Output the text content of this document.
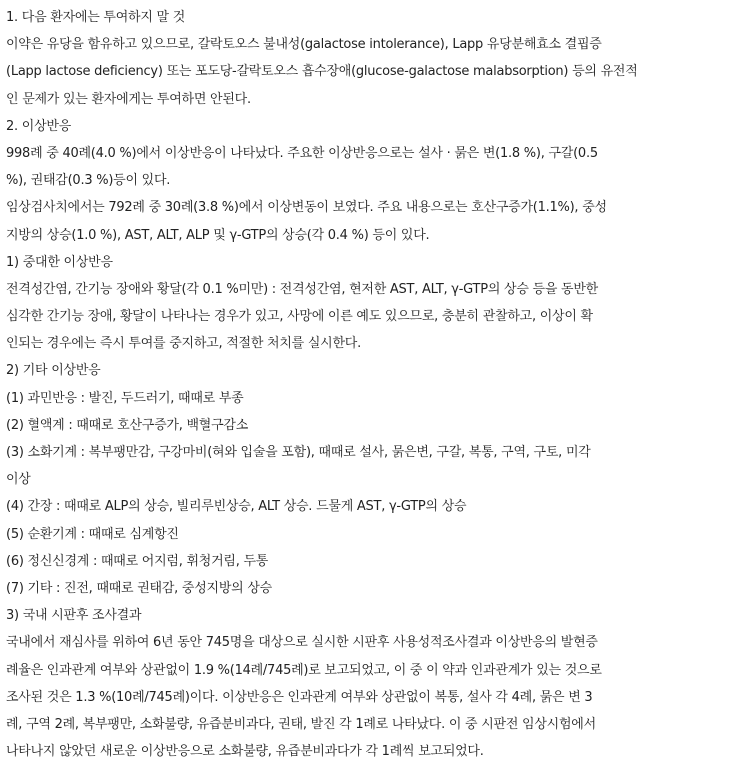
1. 다음 환자에는 투여하지 말 것
이약은 유당을 함유하고 있으므로, 갈락토오스 불내성(galactose intolerance), Lapp 유당분해효소 결핍증
(Lapp lactose deficiency) 또는 포도당-갈락토오스 흡수장애(glucose-galactose malabsorption) 등의 유전적
인 문제가 있는 환자에게는 투여하면 안된다.
2. 이상반응
998례 중 40례(4.0 %)에서 이상반응이 나타났다. 주요한 이상반응으로는 설사 · 묽은 변(1.8 %), 구갈(0.5
%), 권태감(0.3 %)등이 있다.
임상검사치에서는 792례 중 30례(3.8 %)에서 이상변동이 보였다. 주요 내용으로는 호산구증가(1.1%), 중성
지방의 상승(1.0 %), AST, ALT, ALP 및 γ-GTP의 상승(각 0.4 %) 등이 있다.
1) 중대한 이상반응
전격성간염, 간기능 장애와 황달(각 0.1 %미만) : 전격성간염, 현저한 AST, ALT, γ-GTP의 상승 등을 동반한
심각한 간기능 장애, 황달이 나타나는 경우가 있고, 사망에 이른 예도 있으므로, 충분히 관찰하고, 이상이 확
인되는 경우에는 즉시 투여를 중지하고, 적절한 처치를 실시한다.
2) 기타 이상반응
(1) 과민반응 : 발진, 두드러기, 때때로 부종
(2) 혈액계 : 때때로 호산구증가, 백혈구감소
(3) 소화기계 : 복부팽만감, 구강마비(혀와 입술을 포함), 때때로 설사, 묽은변, 구갈, 복통, 구역, 구토, 미각
이상
(4) 간장 : 때때로 ALP의 상승, 빌리루빈상승, ALT 상승. 드물게 AST, γ-GTP의 상승
(5) 순환기계 : 때때로 심계항진
(6) 정신신경계 : 때때로 어지럼, 휘청거림, 두통
(7) 기타 : 진전, 때때로 권태감, 중성지방의 상승
3) 국내 시판후 조사결과
국내에서 재심사를 위하여 6년 동안 745명을 대상으로 실시한 시판후 사용성적조사결과 이상반응의 발현증
례율은 인과관계 여부와 상관없이 1.9 %(14례/745례)로 보고되었고, 이 중 이 약과 인과관계가 있는 것으로
조사된 것은 1.3 %(10례/745례)이다. 이상반응은 인과관계 여부와 상관없이 복통, 설사 각 4례, 묽은 변 3
례, 구역 2례, 복부팽만, 소화불량, 유즙분비과다, 권태, 발진 각 1례로 나타났다. 이 중 시판전 임상시험에서
나타나지 않았던 새로운 이상반응으로 소화불량, 유즙분비과다가 각 1례씩 보고되었다.
